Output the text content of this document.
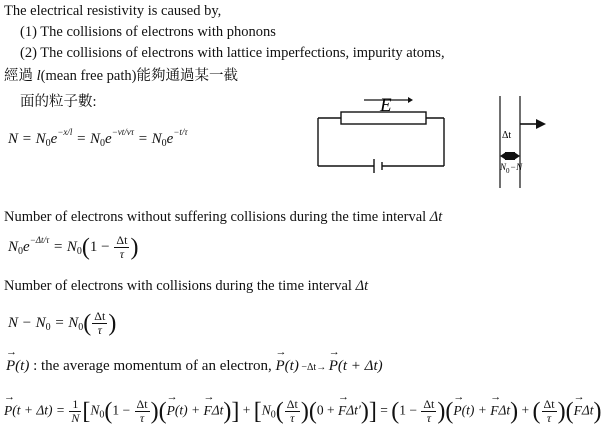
The electrical resistivity is caused by,
(1) The collisions of electrons with phonons
(2) The collisions of electrons with lattice imperfections, impurity atoms,
經過 l(mean free path)能夠通過某一截
面的粒子數:
$N = N_0e^{-x/l} = N_0e^{-vt/v\tau} = N_0e^{-t/\tau}$
E
Δt
N 0 −N
Number of electrons without suffering collisions during the time interval Δt
$N_0e^{-\Delta t/\tau} = N_0(1 - \frac{\Delta t}{\tau}$ )
Number of electrons with collisions during the time interval Δt
$N - N_0 = N_0( \frac{\Delta t}{\tau}$ )
→ P(t) : the average momentum of an electron, → P(t) −Δt→ → P(t + Δt)
→ $P(t + \Delta t) = \frac{1}{N} [N_0(1 - \frac{\Delta t}{\tau}$ )(→ P(t) + → $F\Delta t)] + [N_0( \frac{\Delta t}{\tau} )(0$ + → $F\Delta t')] = (1 - \frac{\Delta t}{\tau}$ )(→ P(t) + → FΔt) + ( $\frac{\Delta t}{\tau}$ )(→ FΔt)
